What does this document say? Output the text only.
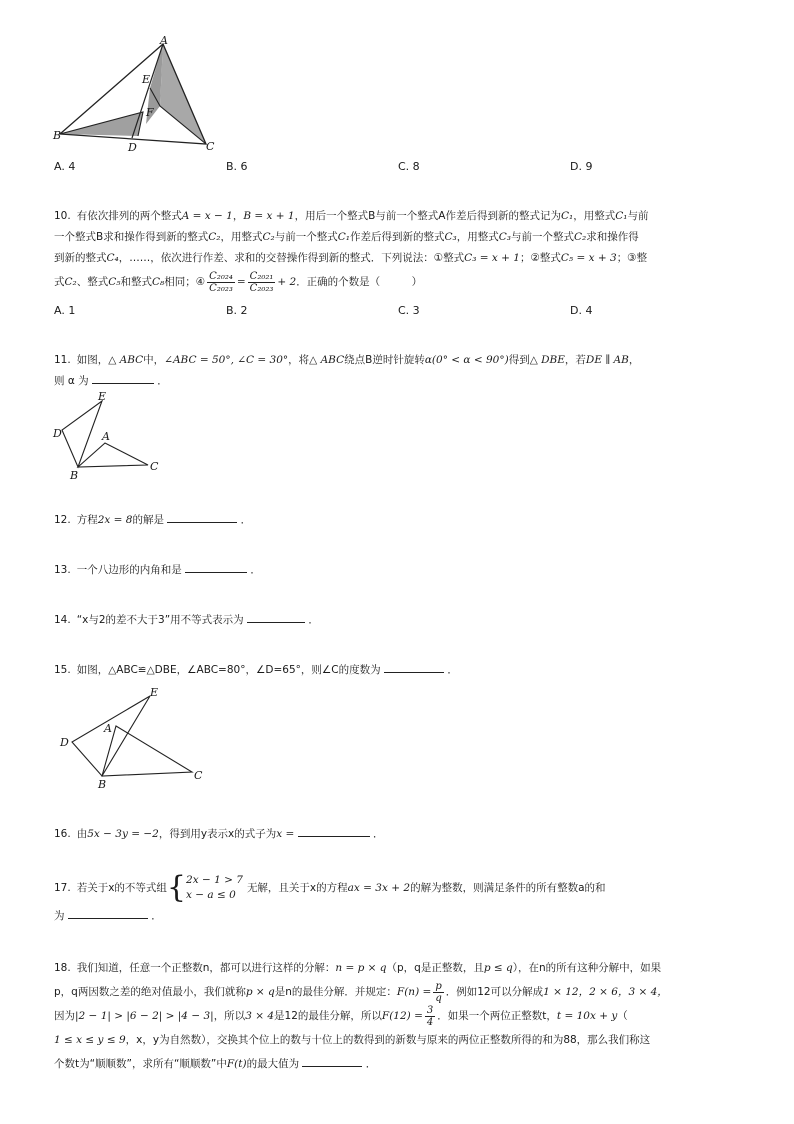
A
E
F
B
D	C
A. 4	B. 6	C. 8	D. 9
10. 有依次排列的两个整式A = x − 1，B = x + 1，用后一个整式B与前一个整式A作差后得到新的整式记为C₁，用整式C₁与前
一个整式B求和操作得到新的整式C₂，用整式C₂与前一个整式C₁作差后得到新的整式C₃，用整式C₃与前一个整式C₂求和操作得
到新的整式C₄，……，依次进行作差、求和的交替操作得到新的整式．下列说法：①整式C₃ = x + 1；②整式C₅ = x + 3；③整
式C₂、整式C₅和整式C₈相同；④ $\frac{\text{C₂₀₂₄}}{\text{C₂₀₂₃}} = \frac{\text{C₂₀₂₁}}{\text{C₂₀₂₃}} + 2$．正确的个数是（　　　）
A. 1	B. 2	C. 3	D. 4
11. 如图，△ ABC中，∠ABC = 50°, ∠C = 30°，将△ ABC绕点B逆时针旋转α(0° < α < 90°)得到△ DBE，若DE ∥ AB，
则 α 为	．
E
D	A
B
C
12. 方程2x = 8的解是	．
13. 一个八边形的内角和是	．
14. “x与2的差不大于3”用不等式表示为	．
15. 如图，△ABC≌△DBE，∠ABC=80°，∠D=65°，则∠C的度数为	．
E
D
A
B
C
16. 由5x − 3y = −2，得到用y表示x的式子为x =	．
17. 若关于x的不等式组{ 2x − 1 > 7
x − a ≤ 0
无解，且关于x的方程ax = 3x + 2的解为整数，则满足条件的所有整数a的和
为	．
18. 我们知道，任意一个正整数n，都可以进行这样的分解：n = p × q（p，q是正整数，且p ≤ q），在n的所有这种分解中，如果
p，q两因数之差的绝对值最小，我们就称p × q是n的最佳分解．并规定：$F(n) = \frac{p}{q}$ ．例如12可以分解成1 × 12，2 × 6，3 × 4，
因为|2 − 1| > |6 − 2| > |4 − 3|，所以3 × 4是12的最佳分解，所以$F(12) = \frac{3}{4}$ ．如果一个两位正整数t，t = 10x + y（
1 ≤ x ≤ y ≤ 9，x，y为自然数），交换其个位上的数与十位上的数得到的新数与原来的两位正整数所得的和为88，那么我们称这
个数t为“顺顺数”，求所有“顺顺数”中F(t)的最大值为	．
